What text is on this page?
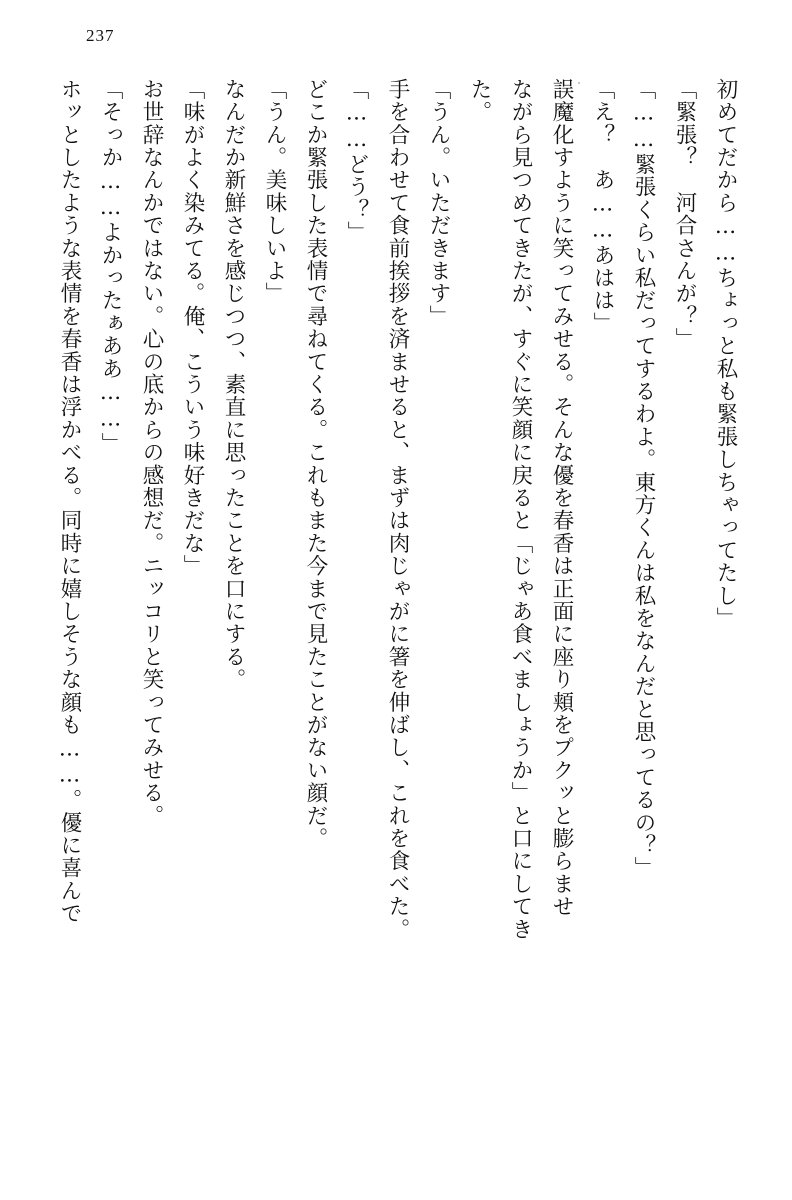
237

初めてだから……ちょっと私も緊張しちゃってたし」

「緊張？　河合さんが？」

「……緊張くらい私だってするわよ。東方くんは私をなんだと思ってるの？」

「え？　あ……あはは」

誤魔化すように笑ってみせる。そんな優を春香は正面に座り頬をプクッと膨らませ

ながら見つめてきたが、すぐに笑顔に戻ると「じゃあ食べましょうか」と口にしてき

た。

「うん。いただきます」

手を合わせて食前挨拶を済ませると、まずは肉じゃがに箸を伸ばし、これを食べた。

「……どう？」

どこか緊張した表情で尋ねてくる。これもまた今まで見たことがない顔だ。

「うん。美味しいよ」

なんだか新鮮さを感じつつ、素直に思ったことを口にする。

「味がよく染みてる。俺、こういう味好きだな」

お世辞なんかではない。心の底からの感想だ。ニッコリと笑ってみせる。

「そっか……よかったぁああ……」

ホッとしたような表情を春香は浮かべる。同時に嬉しそうな顔も……。優に喜んで
